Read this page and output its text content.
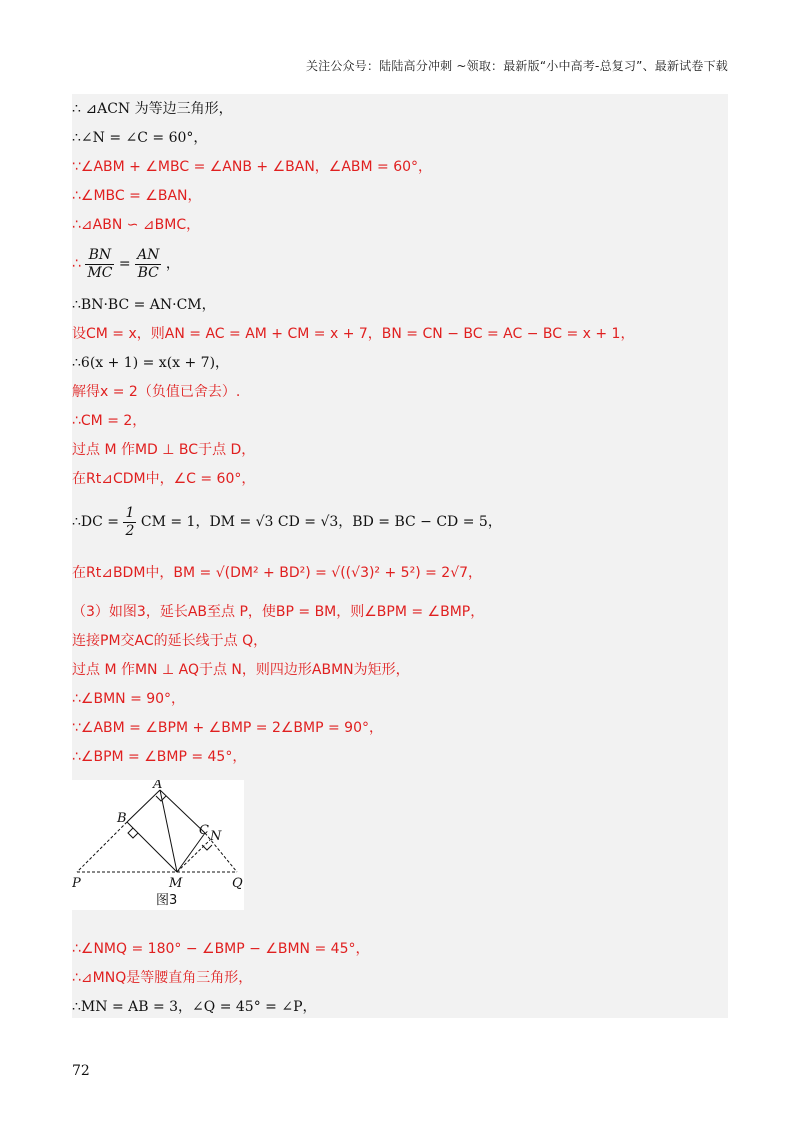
关注公众号：陆陆高分冲刺 ~领取：最新版“小中高考-总复习”、最新试卷下载
∴ ⊿ACN 为等边三角形，
∴∠N = ∠C = 60°，
∵∠ABM + ∠MBC = ∠ANB + ∠BAN，∠ABM = 60°，
∴∠MBC = ∠BAN，
∴⊿ABN ∽ ⊿BMC，
∴ $\frac{BN}{MC} = \frac{AN}{BC}$ ，
∴BN·BC = AN·CM，
设CM = x，则AN = AC = AM + CM = x + 7，BN = CN − BC = AC − BC = x + 1，
∴6(x + 1) = x(x + 7)，
解得x = 2（负值已舍去）.
∴CM = 2，
过点 M 作MD ⊥ BC于点 D，
在Rt⊿CDM中，∠C = 60°，
∴DC = $\frac{1}{2}$ CM = 1，DM = √3 CD = √3，BD = BC − CD = 5，
在Rt⊿BDM中，BM = √(DM² + BD²) = √((√3)² + 5²) = 2√7，
（3）如图3，延长AB至点 P，使BP = BM，则∠BPM = ∠BMP，
连接PM交AC的延长线于点 Q，
过点 M 作MN ⊥ AQ于点 N，则四边形ABMN为矩形，
∴∠BMN = 90°，
∵∠ABM = ∠BPM + ∠BMP = 2∠BMP = 90°，
∴∠BPM = ∠BMP = 45°，
A
B
C N
P	M	Q
图3
∴∠NMQ = 180° − ∠BMP − ∠BMN = 45°，
∴⊿MNQ是等腰直角三角形，
∴MN = AB = 3，∠Q = 45° = ∠P，
72
